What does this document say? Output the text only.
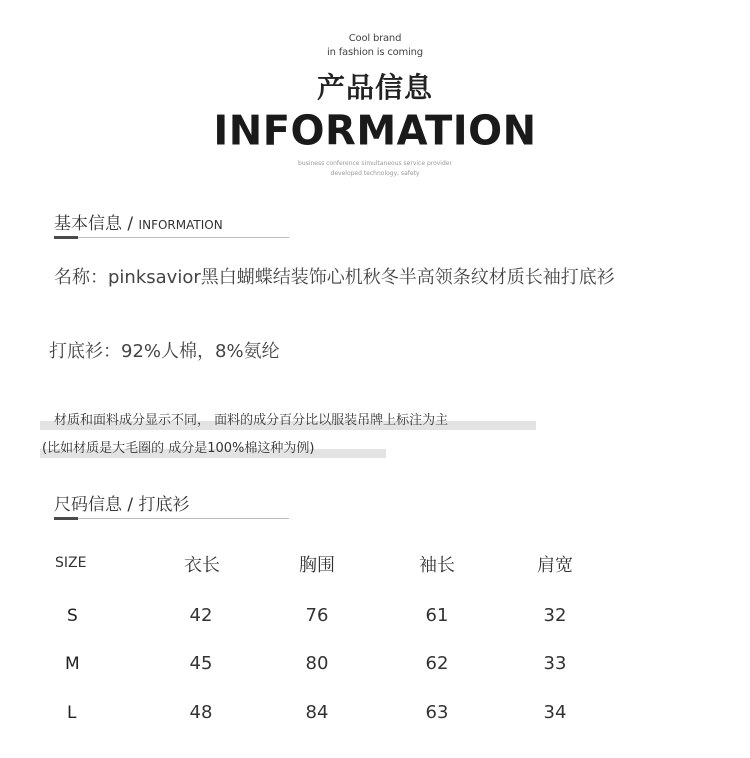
Cool brand
in fashion is coming
产品信息
INFORMATION
business conference simultaneous service provider
developed technology, safety
基本信息 / INFORMATION
名称：pinksavior黑白蝴蝶结装饰心机秋冬半高领条纹材质长袖打底衫
打底衫：92%人棉，8%氨纶
材质和面料成分显示不同， 面料的成分百分比以服装吊牌上标注为主
(比如材质是大毛圈的 成分是100%棉这种为例)
尺码信息 / 打底衫
SIZE	衣长	胸围	袖长	肩宽
S	42	76	61	32
M	45	80	62	33
L	48	84	63	34
